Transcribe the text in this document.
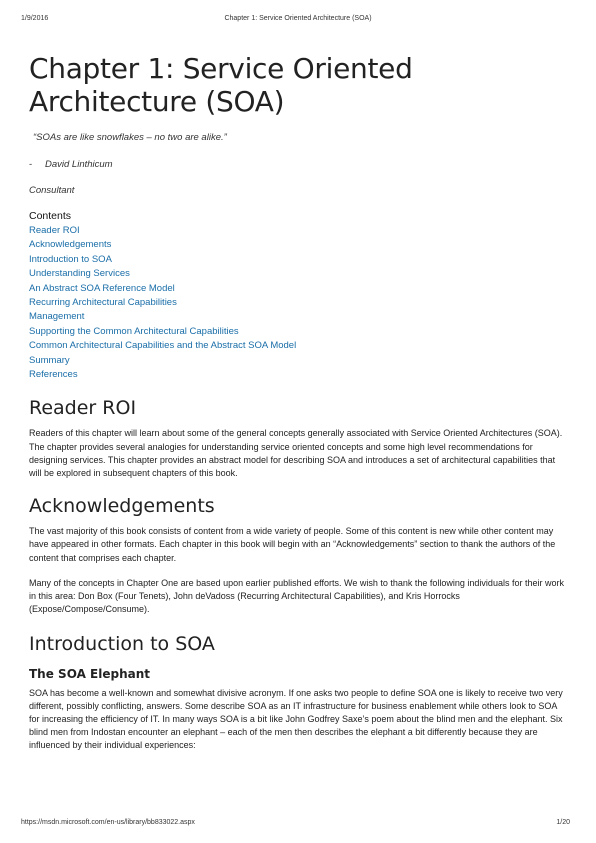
1/9/2016	Chapter 1: Service Oriented Architecture (SOA)
Chapter 1: Service Oriented Architecture (SOA)
“SOAs are like snowflakes – no two are alike.”
- David Linthicum
Consultant
Contents
Reader ROI
Acknowledgements
Introduction to SOA
Understanding Services
An Abstract SOA Reference Model
Recurring Architectural Capabilities
Management
Supporting the Common Architectural Capabilities
Common Architectural Capabilities and the Abstract SOA Model
Summary
References
Reader ROI

Readers of this chapter will learn about some of the general concepts generally associated with Service Oriented Architectures (SOA). The chapter provides several analogies for understanding service oriented concepts and some high level recommendations for designing services. This chapter provides an abstract model for describing SOA and introduces a set of architectural capabilities that will be explored in subsequent chapters of this book.

Acknowledgements

The vast majority of this book consists of content from a wide variety of people. Some of this content is new while other content may have appeared in other formats. Each chapter in this book will begin with an “Acknowledgements” section to thank the authors of the content that comprises each chapter.

Many of the concepts in Chapter One are based upon earlier published efforts. We wish to thank the following individuals for their work in this area: Don Box (Four Tenets), John deVadoss (Recurring Architectural Capabilities), and Kris Horrocks (Expose/Compose/Consume).

Introduction to SOA
The SOA Elephant

SOA has become a well-known and somewhat divisive acronym. If one asks two people to define SOA one is likely to receive two very different, possibly conflicting, answers. Some describe SOA as an IT infrastructure for business enablement while others look to SOA for increasing the efficiency of IT. In many ways SOA is a bit like John Godfrey Saxe’s poem about the blind men and the elephant. Six blind men from Indostan encounter an elephant – each of the men then describes the elephant a bit differently because they are influenced by their individual experiences:

https://msdn.microsoft.com/en-us/library/bb833022.aspx	1/20
